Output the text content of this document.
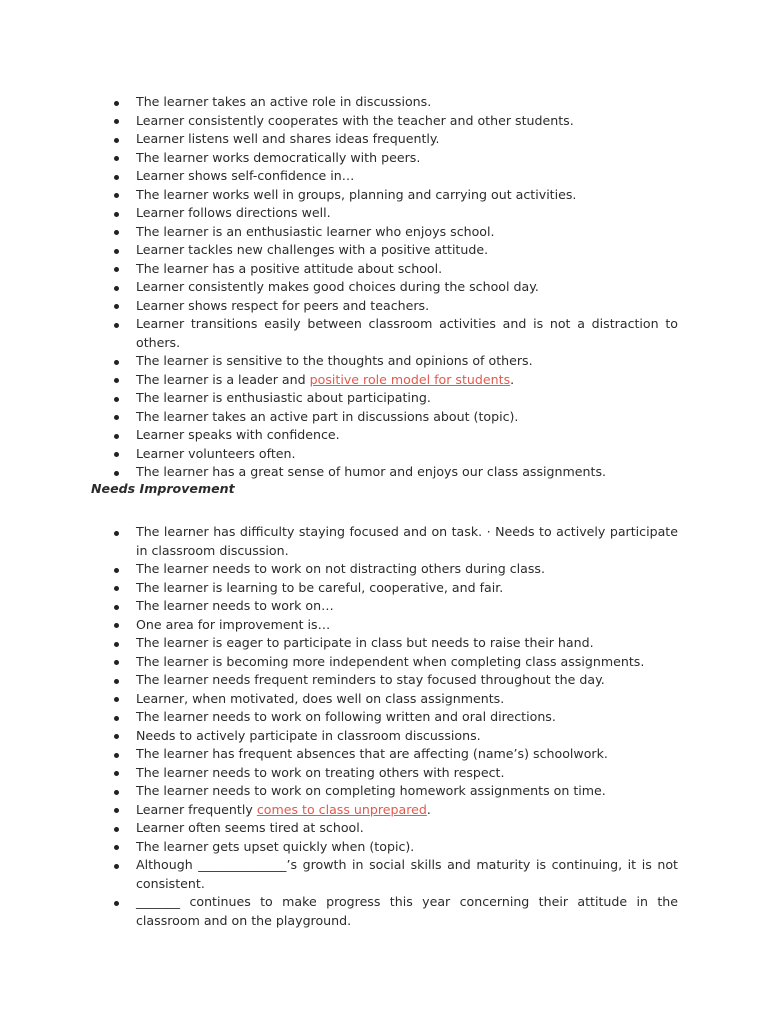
The learner takes an active role in discussions.
Learner consistently cooperates with the teacher and other students.
Learner listens well and shares ideas frequently.
The learner works democratically with peers.
Learner shows self-confidence in…
The learner works well in groups, planning and carrying out activities.
Learner follows directions well.
The learner is an enthusiastic learner who enjoys school.
Learner tackles new challenges with a positive attitude.
The learner has a positive attitude about school.
Learner consistently makes good choices during the school day.
Learner shows respect for peers and teachers.
Learner transitions easily between classroom activities and is not a distraction to others.
The learner is sensitive to the thoughts and opinions of others.
The learner is a leader and positive role model for students.
The learner is enthusiastic about participating.
The learner takes an active part in discussions about (topic).
Learner speaks with confidence.
Learner volunteers often.
The learner has a great sense of humor and enjoys our class assignments.
Needs Improvement
The learner has difficulty staying focused and on task. · Needs to actively participate in classroom discussion.
The learner needs to work on not distracting others during class.
The learner is learning to be careful, cooperative, and fair.
The learner needs to work on…
One area for improvement is…
The learner is eager to participate in class but needs to raise their hand.
The learner is becoming more independent when completing class assignments.
The learner needs frequent reminders to stay focused throughout the day.
Learner, when motivated, does well on class assignments.
The learner needs to work on following written and oral directions.
Needs to actively participate in classroom discussions.
The learner has frequent absences that are affecting (name’s) schoolwork.
The learner needs to work on treating others with respect.
The learner needs to work on completing homework assignments on time.
Learner frequently comes to class unprepared.
Learner often seems tired at school.
The learner gets upset quickly when (topic).
Although ______________’s growth in social skills and maturity is continuing, it is not consistent.
_______ continues to make progress this year concerning their attitude in the classroom and on the playground.
